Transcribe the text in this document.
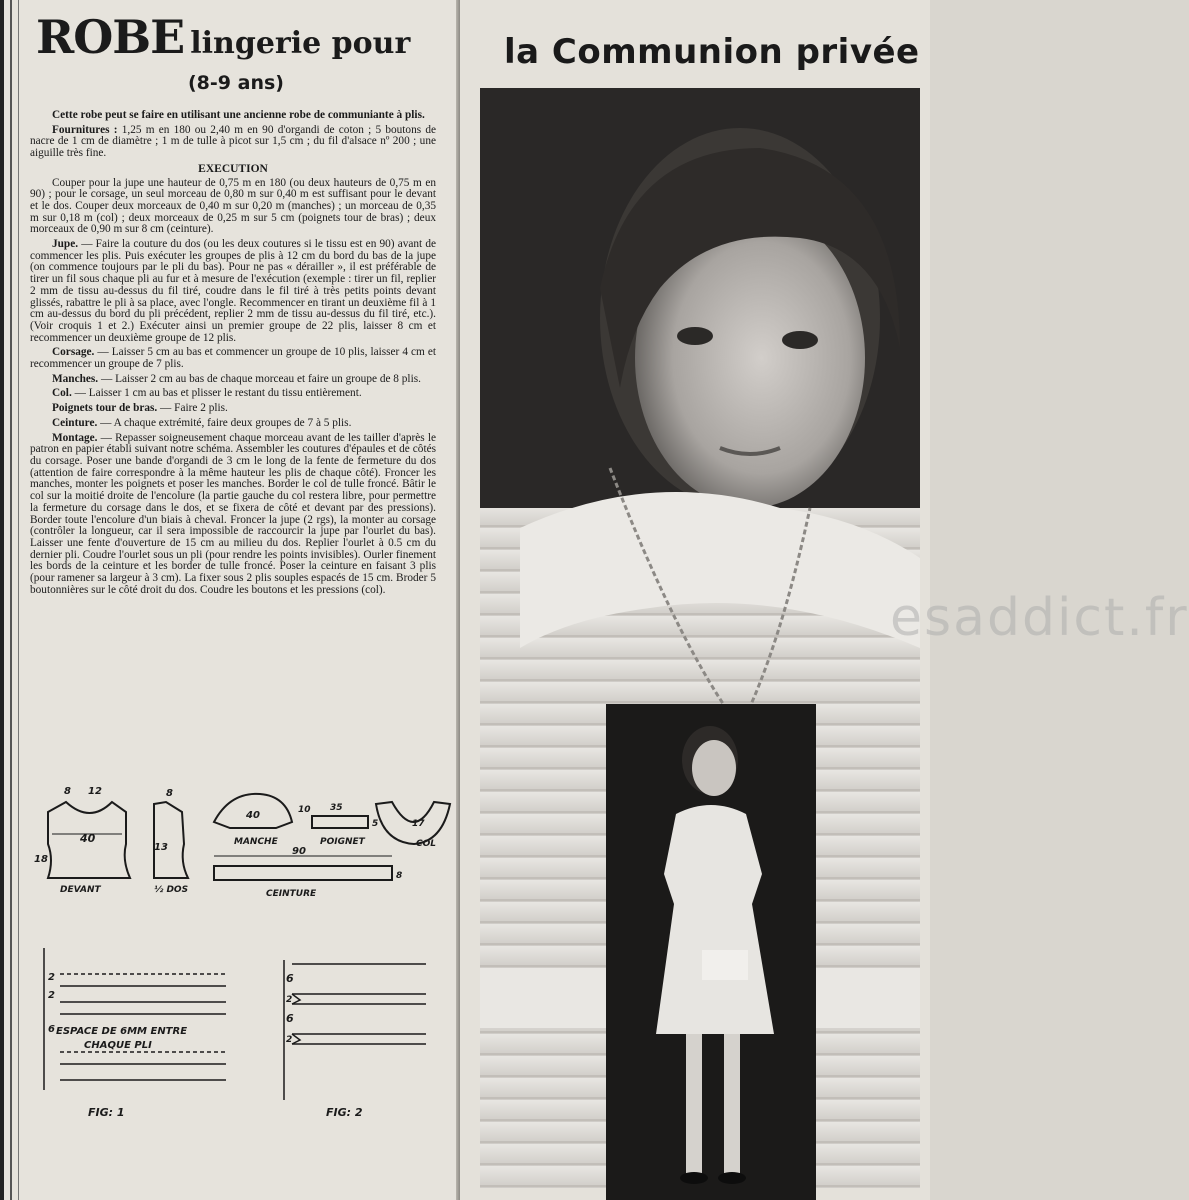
ROBE lingerie pour
(8-9 ans)

Cette robe peut se faire en utilisant une ancienne robe de communiante à plis.

Fournitures : 1,25 m en 180 ou 2,40 m en 90 d'organdi de coton ; 5 boutons de nacre de 1 cm de diamètre ; 1 m de tulle à picot sur 1,5 cm ; du fil d'alsace nº 200 ; une aiguille très fine.

EXECUTION

Couper pour la jupe une hauteur de 0,75 m en 180 (ou deux hauteurs de 0,75 m en 90) ; pour le corsage, un seul morceau de 0,80 m sur 0,40 m est suffisant pour le devant et le dos. Couper deux morceaux de 0,40 m sur 0,20 m (manches) ; un morceau de 0,35 m sur 0,18 m (col) ; deux morceaux de 0,25 m sur 5 cm (poignets tour de bras) ; deux morceaux de 0,90 m sur 8 cm (ceinture).

Jupe. — Faire la couture du dos (ou les deux coutures si le tissu est en 90) avant de commencer les plis. Puis exécuter les groupes de plis à 12 cm du bord du bas de la jupe (on commence toujours par le pli du bas). Pour ne pas « dérailler », il est préférable de tirer un fil sous chaque pli au fur et à mesure de l'exécution (exemple : tirer un fil, replier 2 mm de tissu au-dessus du fil tiré, coudre dans le fil tiré à très petits points devant glissés, rabattre le pli à sa place, avec l'ongle. Recommencer en tirant un deuxième fil à 1 cm au-dessus du bord du pli précédent, replier 2 mm de tissu au-dessus du fil tiré, etc.). (Voir croquis 1 et 2.) Exécuter ainsi un premier groupe de 22 plis, laisser 8 cm et recommencer un deuxième groupe de 12 plis.

Corsage. — Laisser 5 cm au bas et commencer un groupe de 10 plis, laisser 4 cm et recommencer un groupe de 7 plis.

Manches. — Laisser 2 cm au bas de chaque morceau et faire un groupe de 8 plis.

Col. — Laisser 1 cm au bas et plisser le restant du tissu entièrement.

Poignets tour de bras. — Faire 2 plis.

Ceinture. — A chaque extrémité, faire deux groupes de 7 à 5 plis.

Montage. — Repasser soigneusement chaque morceau avant de les tailler d'après le patron en papier établi suivant notre schéma. Assembler les coutures d'épaules et de côtés du corsage. Poser une bande d'organdi de 3 cm le long de la fente de fermeture du dos (attention de faire correspondre à la même hauteur les plis de chaque côté). Froncer les manches, monter les poignets et poser les manches. Border le col de tulle froncé. Bâtir le col sur la moitié droite de l'encolure (la partie gauche du col restera libre, pour permettre la fermeture du corsage dans le dos, et se fixera de côté et devant par des pressions). Border toute l'encolure d'un biais à cheval. Froncer la jupe (2 rgs), la monter au corsage (contrôler la longueur, car il sera impossible de raccourcir la jupe par l'ourlet du bas). Laisser une fente d'ouverture de 15 cm au milieu du dos. Replier l'ourlet à 0.5 cm du dernier pli. Coudre l'ourlet sous un pli (pour rendre les points invisibles). Ourler finement les bords de la ceinture et les border de tulle froncé. Poser la ceinture en faisant 3 plis (pour ramener sa largeur à 3 cm). La fixer sous 2 plis souples espacés de 15 cm. Broder 5 boutonnières sur le côté droit du dos. Coudre les boutons et les pressions (col).

8 12
40
18
DEVANT
8
13
½ DOS
40	10
MANCHE
35
5
POIGNET
17
COL
90
8
CEINTURE
2
2
6 ESPACE DE 6MM ENTRE
CHAQUE PLI
FIG: 1
6
2
6
2
FIG: 2
la Communion privée
esaddict.fr
